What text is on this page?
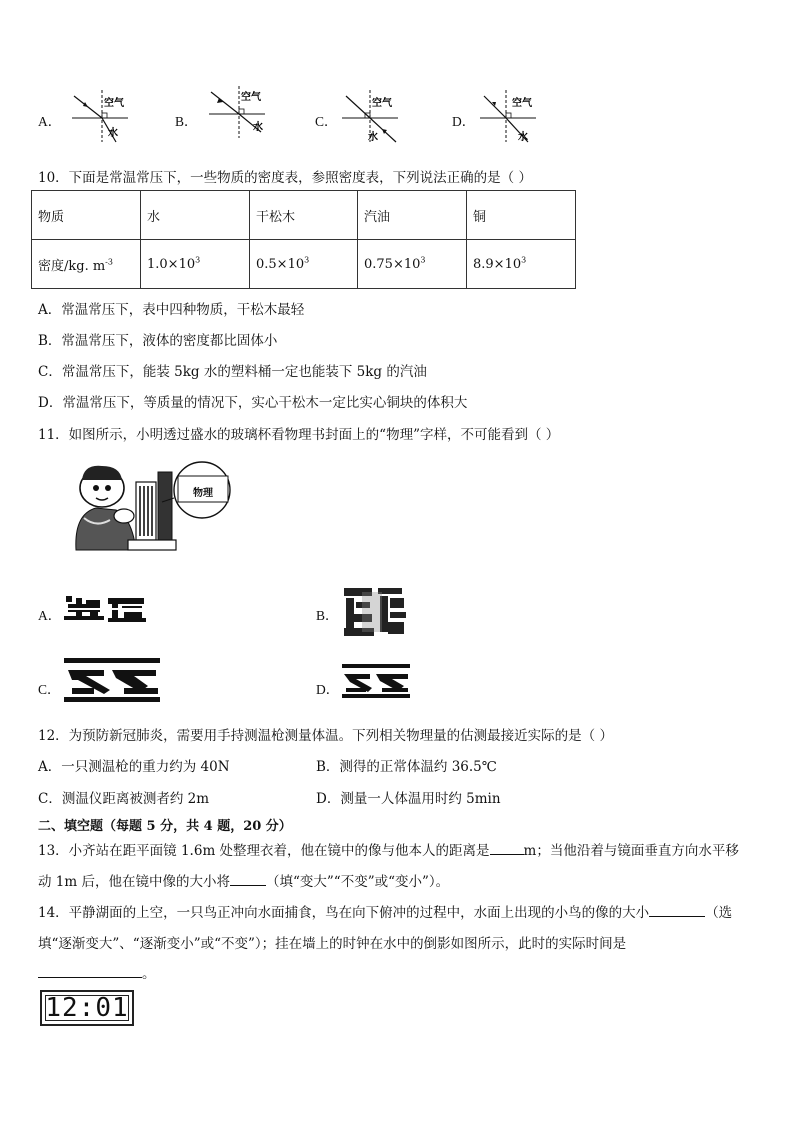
A．
空气
水
B．
空气
水	C．
空气
水
D．
空气
水
10．下面是常温常压下，一些物质的密度表，参照密度表，下列说法正确的是（ ）
物质	水	干松木	汽油	铜
密度/kg. $m^{-3}$	$1.0\times 10^3$	$0.5\times 10^3$	$0.75\times 10^3$	$8.9\times 10^3$
A．常温常压下，表中四种物质，干松木最轻
B．常温常压下，液体的密度都比固体小
C．常温常压下，能装 5kg 水的塑料桶一定也能装下 5kg 的汽油
D．常温常压下，等质量的情况下，实心干松木一定比实心铜块的体积大
11．如图所示，小明透过盛水的玻璃杯看物理书封面上的“物理”字样，不可能看到（ ）
物理
A．	B．
C．	D．
12．为预防新冠肺炎，需要用手持测温枪测量体温。下列相关物理量的估测最接近实际的是（ ）
A．一只测温枪的重力约为 40N	B．测得的正常体温约 36.5℃
C．测温仪距离被测者约 2m	D．测量一人体温用时约 5min
二、填空题（每题 5 分，共 4 题，20 分）
13．小齐站在距平面镜 1.6m 处整理衣着，他在镜中的像与他本人的距离是	m；当他沿着与镜面垂直方向水平移
动 1m 后，他在镜中像的大小将	（填“变大”“不变”或“变小”）。
14．平静湖面的上空，一只鸟正冲向水面捕食，鸟在向下俯冲的过程中，水面上出现的小鸟的像的大小	（选
填“逐渐变大”、“逐渐变小”或“不变”）；挂在墙上的时钟在水中的倒影如图所示，此时的实际时间是
。
12:01
